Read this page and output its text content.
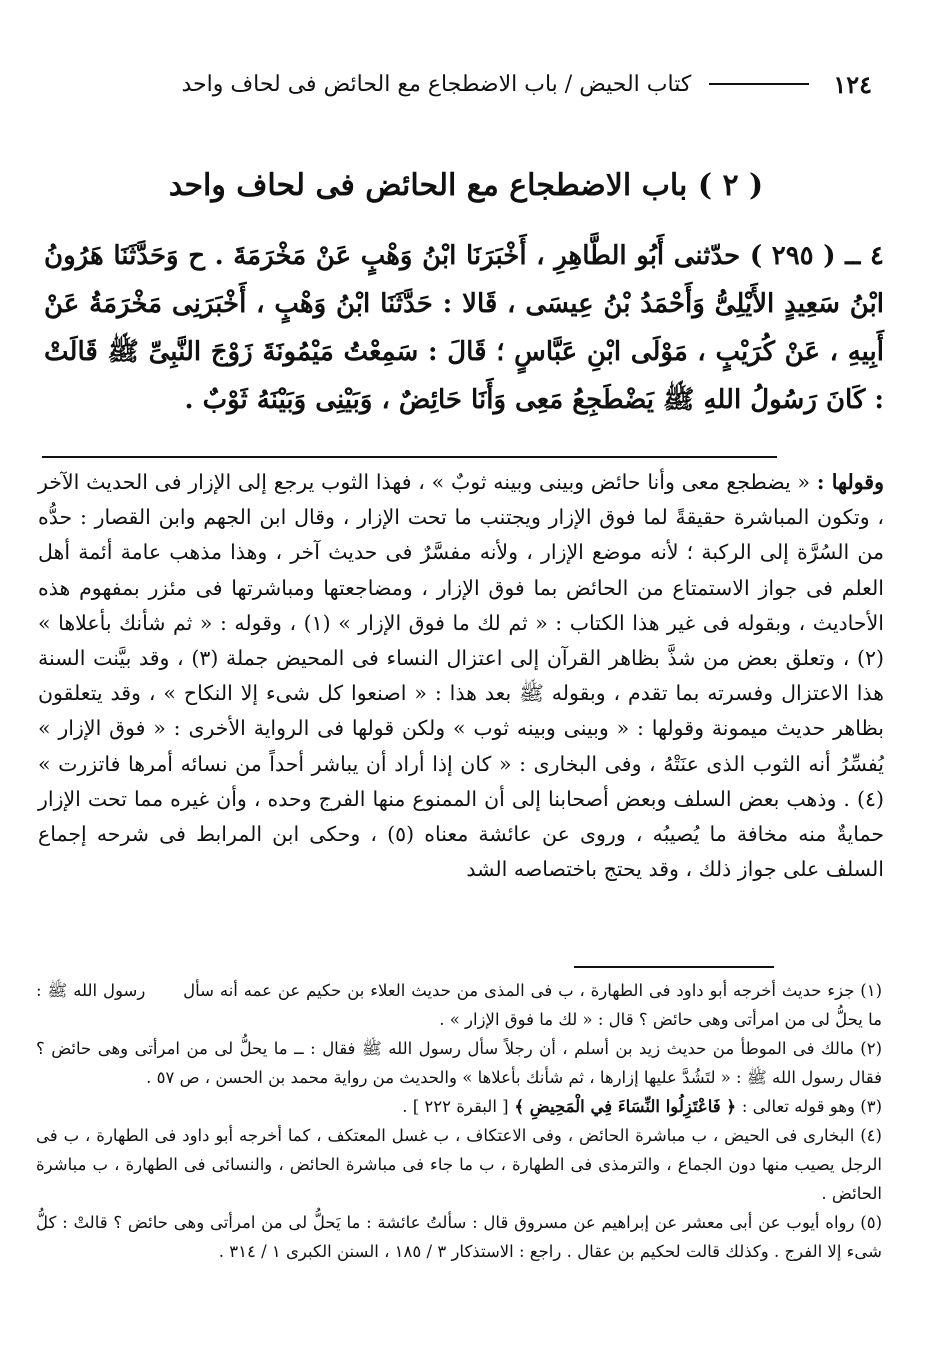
١٢٤
كتاب الحيض / باب الاضطجاع مع الحائض فى لحاف واحد
( ٢ ) باب الاضطجاع مع الحائض فى لحاف واحد

٤ ــ ( ٢٩٥ ) حدّثنى أَبُو الطَّاهِرِ ، أَخْبَرَنَا ابْنُ وَهْبٍ عَنْ مَخْرَمَةَ . ح وَحَدَّثَنَا هَرُونُ ابْنُ سَعِيدٍ الأَيْلِىُّ وَأَحْمَدُ بْنُ عِيسَى ، قَالا : حَدَّثَنَا ابْنُ وَهْبٍ ، أَخْبَرَنِى مَخْرَمَةُ عَنْ أَبِيهِ ، عَنْ كُرَيْبٍ ، مَوْلَى ابْنِ عَبَّاسٍ ؛ قَالَ : سَمِعْتُ مَيْمُونَةَ زَوْجَ النَّبِىِّ ﷺ قَالَتْ : كَانَ رَسُولُ اللهِ ﷺ يَضْطَجِعُ مَعِى وَأَنَا حَائِضٌ ، وَبَيْنِى وَبَيْنَهُ ثَوْبٌ .

وقولها : « يضطجع معى وأنا حائض وبينى وبينه ثوبٌ » ، فهذا الثوب يرجع إلى الإزار فى الحديث الآخر ، وتكون المباشرة حقيقةً لما فوق الإزار ويجتنب ما تحت الإزار ، وقال ابن الجهم وابن القصار : حدُّه من السُرَّة إلى الركبة ؛ لأنه موضع الإزار ، ولأنه مفسَّرٌ فى حديث آخر ، وهذا مذهب عامة أئمة أهل العلم فى جواز الاستمتاع من الحائض بما فوق الإزار ، ومضاجعتها ومباشرتها فى مئزر بمفهوم هذه الأحاديث ، وبقوله فى غير هذا الكتاب : « ثم لك ما فوق الإزار » (١) ، وقوله : « ثم شأنك بأعلاها » (٢) ، وتعلق بعض من شذَّ بظاهر القرآن إلى اعتزال النساء فى المحيض جملة (٣) ، وقد بيَّنت السنة هذا الاعتزال وفسرته بما تقدم ، وبقوله ﷺ بعد هذا : « اصنعوا كل شىء إلا النكاح » ، وقد يتعلقون بظاهر حديث ميمونة وقولها : « وبينى وبينه ثوب » ولكن قولها فى الرواية الأخرى : « فوق الإزار » يُفسِّرُ أنه الثوب الذى عنَتْهُ ، وفى البخارى : « كان إذا أراد أن يباشر أحداً من نسائه أمرها فاتزرت » (٤) . وذهب بعض السلف وبعض أصحابنا إلى أن الممنوع منها الفرج وحده ، وأن غيره مما تحت الإزار حمايةٌ منه مخافة ما يُصيبُه ، وروى عن عائشة معناه (٥) ، وحكى ابن المرابط فى شرحه إجماع السلف على جواز ذلك ، وقد يحتج باختصاصه الشد

(١) جزء حديث أخرجه أبو داود فى الطهارة ، ب فى المذى من حديث العلاء بن حكيم عن عمه أنه سأل رسول الله ﷺ : ما يحلُّ لى من امرأتى وهى حائض ؟ قال : « لك ما فوق الإزار » .
(٢) مالك فى الموطأ من حديث زيد بن أسلم ، أن رجلاً سأل رسول الله ﷺ فقال : ــ ما يحلُّ لى من امرأتى وهى حائض ؟ فقال رسول الله ﷺ : « لتَشُدَّ عليها إزارها ، ثم شأنك بأعلاها » والحديث من رواية محمد بن الحسن ، ص ٥٧ .
(٣) وهو قوله تعالى : ﴿ فَاعْتَزِلُوا النِّسَاءَ فِي الْمَحِيضِ ﴾ [ البقرة ٢٢٢ ] .
(٤) البخارى فى الحيض ، ب مباشرة الحائض ، وفى الاعتكاف ، ب غسل المعتكف ، كما أخرجه أبو داود فى الطهارة ، ب فى الرجل يصيب منها دون الجماع ، والترمذى فى الطهارة ، ب ما جاء فى مباشرة الحائض ، والنسائى فى الطهارة ، ب مباشرة الحائض .
(٥) رواه أيوب عن أبى معشر عن إبراهيم عن مسروق قال : سألتُ عائشة : ما يَحلُّ لى من امرأتى وهى حائض ؟ قالتْ : كلُّ شىء إلا الفرج . وكذلك قالت لحكيم بن عقال . راجع : الاستذكار ٣ / ١٨٥ ، السنن الكبرى ١ / ٣١٤ .
